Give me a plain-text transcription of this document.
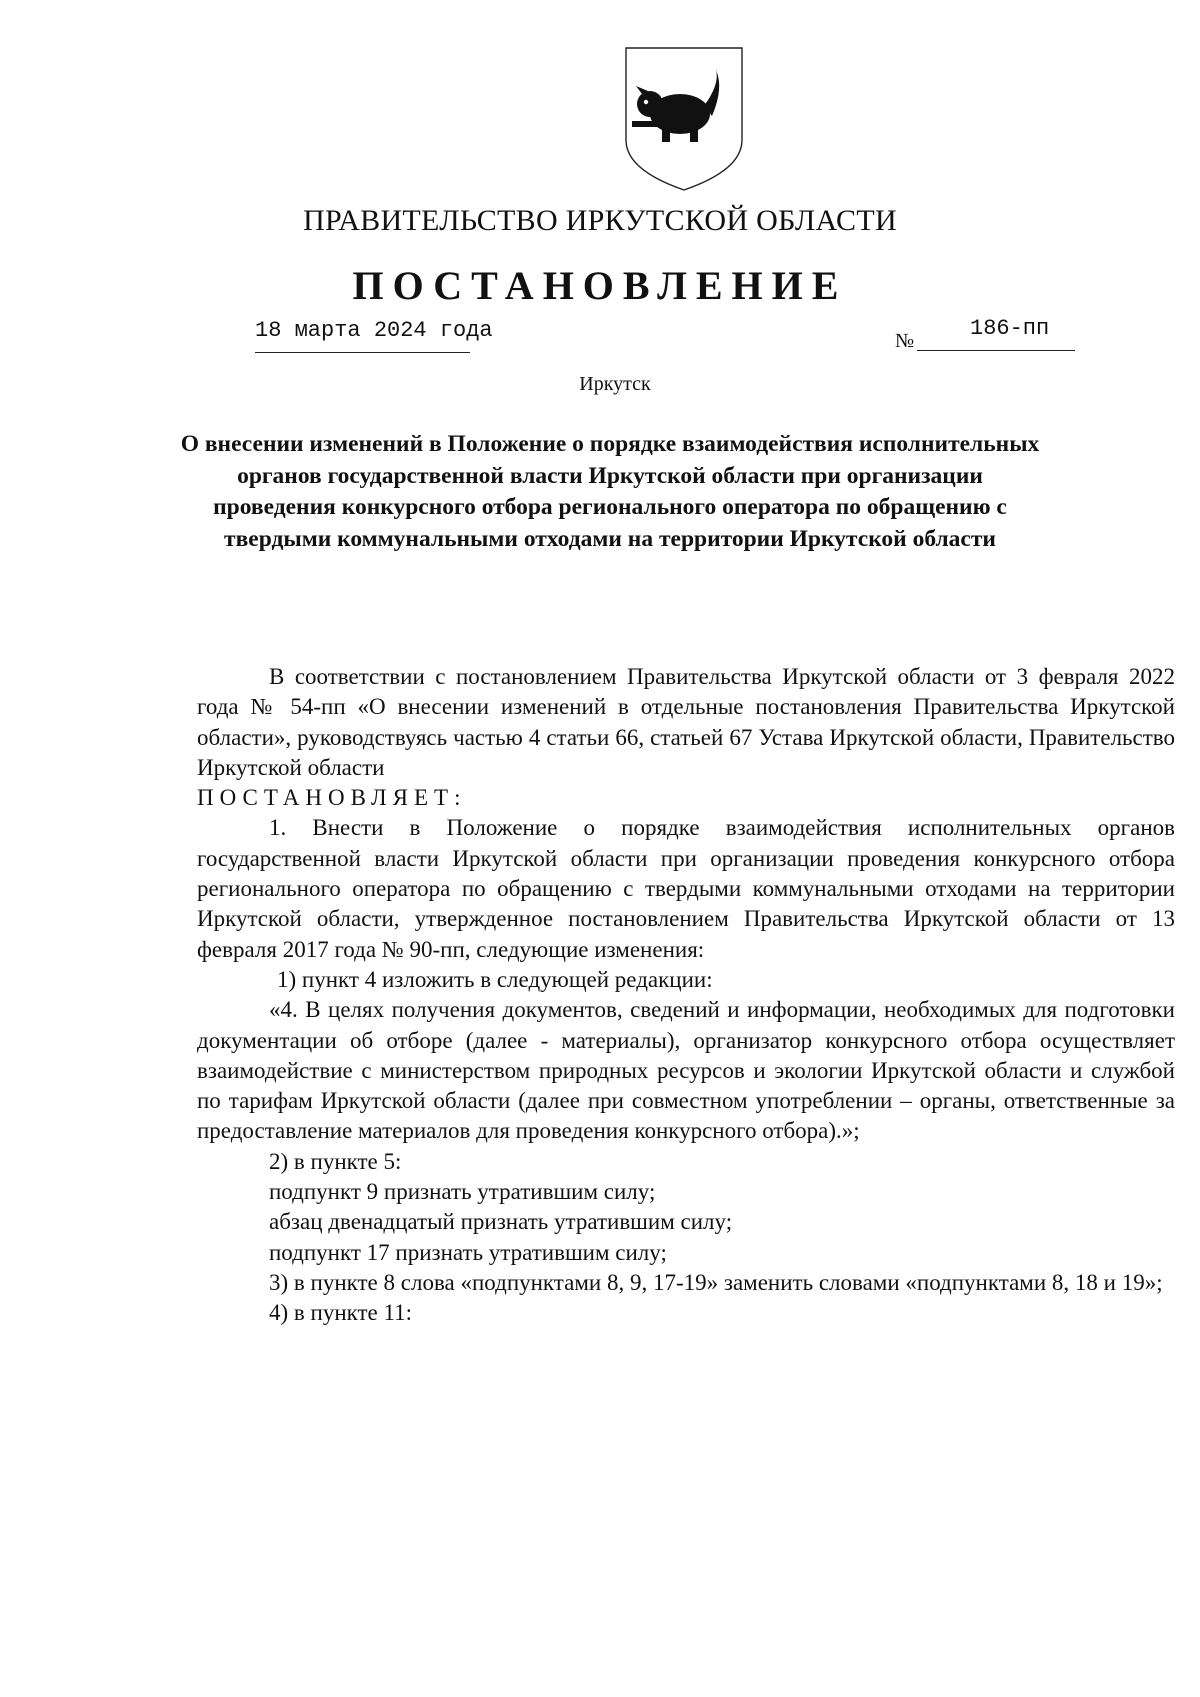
ПРАВИТЕЛЬСТВО ИРКУТСКОЙ ОБЛАСТИ
ПОСТАНОВЛЕНИЕ
18 марта 2024 года	№	186-пп
Иркутск

О внесении изменений в Положение о порядке взаимодействия исполнительных органов государственной власти Иркутской области при организации проведения конкурсного отбора регионального оператора по обращению с твердыми коммунальными отходами на территории Иркутской области

В соответствии с постановлением Правительства Иркутской области от 3 февраля 2022 года № 54-пп «О внесении изменений в отдельные постановления Правительства Иркутской области», руководствуясь частью 4 статьи 66, статьей 67 Устава Иркутской области, Правительство Иркутской области

ПОСТАНОВЛЯЕТ:

1. Внести в Положение о порядке взаимодействия исполнительных органов государственной власти Иркутской области при организации проведения конкурсного отбора регионального оператора по обращению с твердыми коммунальными отходами на территории Иркутской области, утвержденное постановлением Правительства Иркутской области от 13 февраля 2017 года № 90-пп, следующие изменения:

1) пункт 4 изложить в следующей редакции:

«4. В целях получения документов, сведений и информации, необходимых для подготовки документации об отборе (далее - материалы), организатор конкурсного отбора осуществляет взаимодействие с министерством природных ресурсов и экологии Иркутской области и службой по тарифам Иркутской области (далее при совместном употреблении – органы, ответственные за предоставление материалов для проведения конкурсного отбора).»;

2) в пункте 5:

подпункт 9 признать утратившим силу;

абзац двенадцатый признать утратившим силу;

подпункт 17 признать утратившим силу;

3) в пункте 8 слова «подпунктами 8, 9, 17-19» заменить словами «подпунктами 8, 18 и 19»;

4) в пункте 11:
